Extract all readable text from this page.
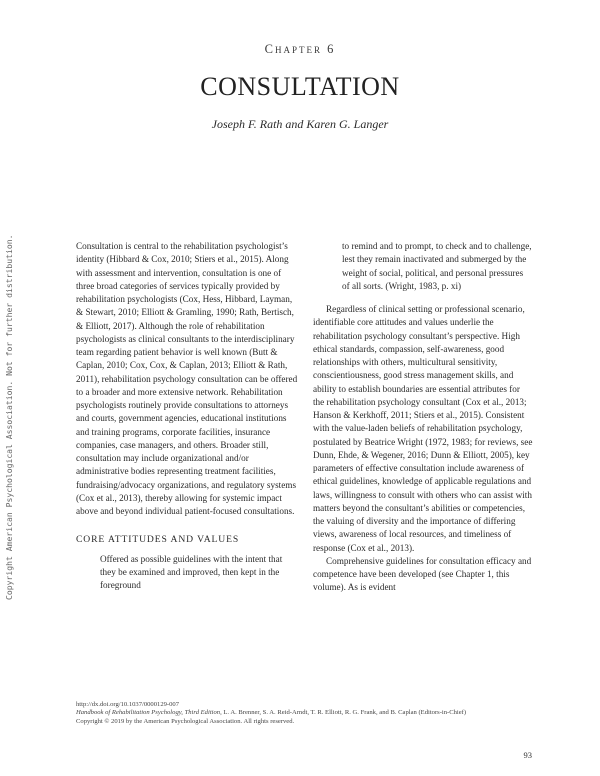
Chapter 6
CONSULTATION
Joseph F. Rath and Karen G. Langer
Copyright American Psychological Association. Not for further distribution.	Consultation is central to the rehabilitation psychologist’s identity (Hibbard & Cox, 2010; Stiers et al., 2015). Along with assessment and intervention, consultation is one of three broad categories of services typically provided by rehabilitation psychologists (Cox, Hess, Hibbard, Layman, & Stewart, 2010; Elliott & Gramling, 1990; Rath, Bertisch, & Elliott, 2017). Although the role of rehabilitation psychologists as clinical consultants to the interdisciplinary team regarding patient behavior is well known (Butt & Caplan, 2010; Cox, Cox, & Caplan, 2013; Elliott & Rath, 2011), rehabilitation psychology consultation can be offered to a broader and more extensive network. Rehabilitation psychologists routinely provide consultations to attorneys and courts, government agencies, educational institutions and training programs, corporate facilities, insurance companies, case managers, and others. Broader still, consultation may include organizational and/or administrative bodies representing treatment facilities, fundraising/advocacy organizations, and regulatory systems (Cox et al., 2013), thereby allowing for systemic impact above and beyond individual patient-focused consultations.

CORE ATTITUDES AND VALUES

Offered as possible guidelines with the intent that they be examined and improved, then kept in the foreground

to remind and to prompt, to check and to challenge, lest they remain inactivated and submerged by the weight of social, political, and personal pressures of all sorts. (Wright, 1983, p. xi)

Regardless of clinical setting or professional scenario, identifiable core attitudes and values underlie the rehabilitation psychology consultant’s perspective. High ethical standards, compassion, self-awareness, good relationships with others, multicultural sensitivity, conscientiousness, good stress management skills, and ability to establish boundaries are essential attributes for the rehabilitation psychology consultant (Cox et al., 2013; Hanson & Kerkhoff, 2011; Stiers et al., 2015). Consistent with the value-laden beliefs of rehabilitation psychology, postulated by Beatrice Wright (1972, 1983; for reviews, see Dunn, Ehde, & Wegener, 2016; Dunn & Elliott, 2005), key parameters of effective consultation include awareness of ethical guidelines, knowledge of applicable regulations and laws, willingness to consult with others who can assist with matters beyond the consultant’s abilities or competencies, the valuing of diversity and the importance of differing views, awareness of local resources, and timeliness of response (Cox et al., 2013).

Comprehensive guidelines for consultation efficacy and competence have been developed (see Chapter 1, this volume). As is evident

http://dx.doi.org/10.1037/0000129-007

Handbook of Rehabilitation Psychology, Third Edition, L. A. Brenner, S. A. Reid-Arndt, T. R. Elliott, R. G. Frank, and B. Caplan (Editors-in-Chief)

Copyright © 2019 by the American Psychological Association. All rights reserved.

93
